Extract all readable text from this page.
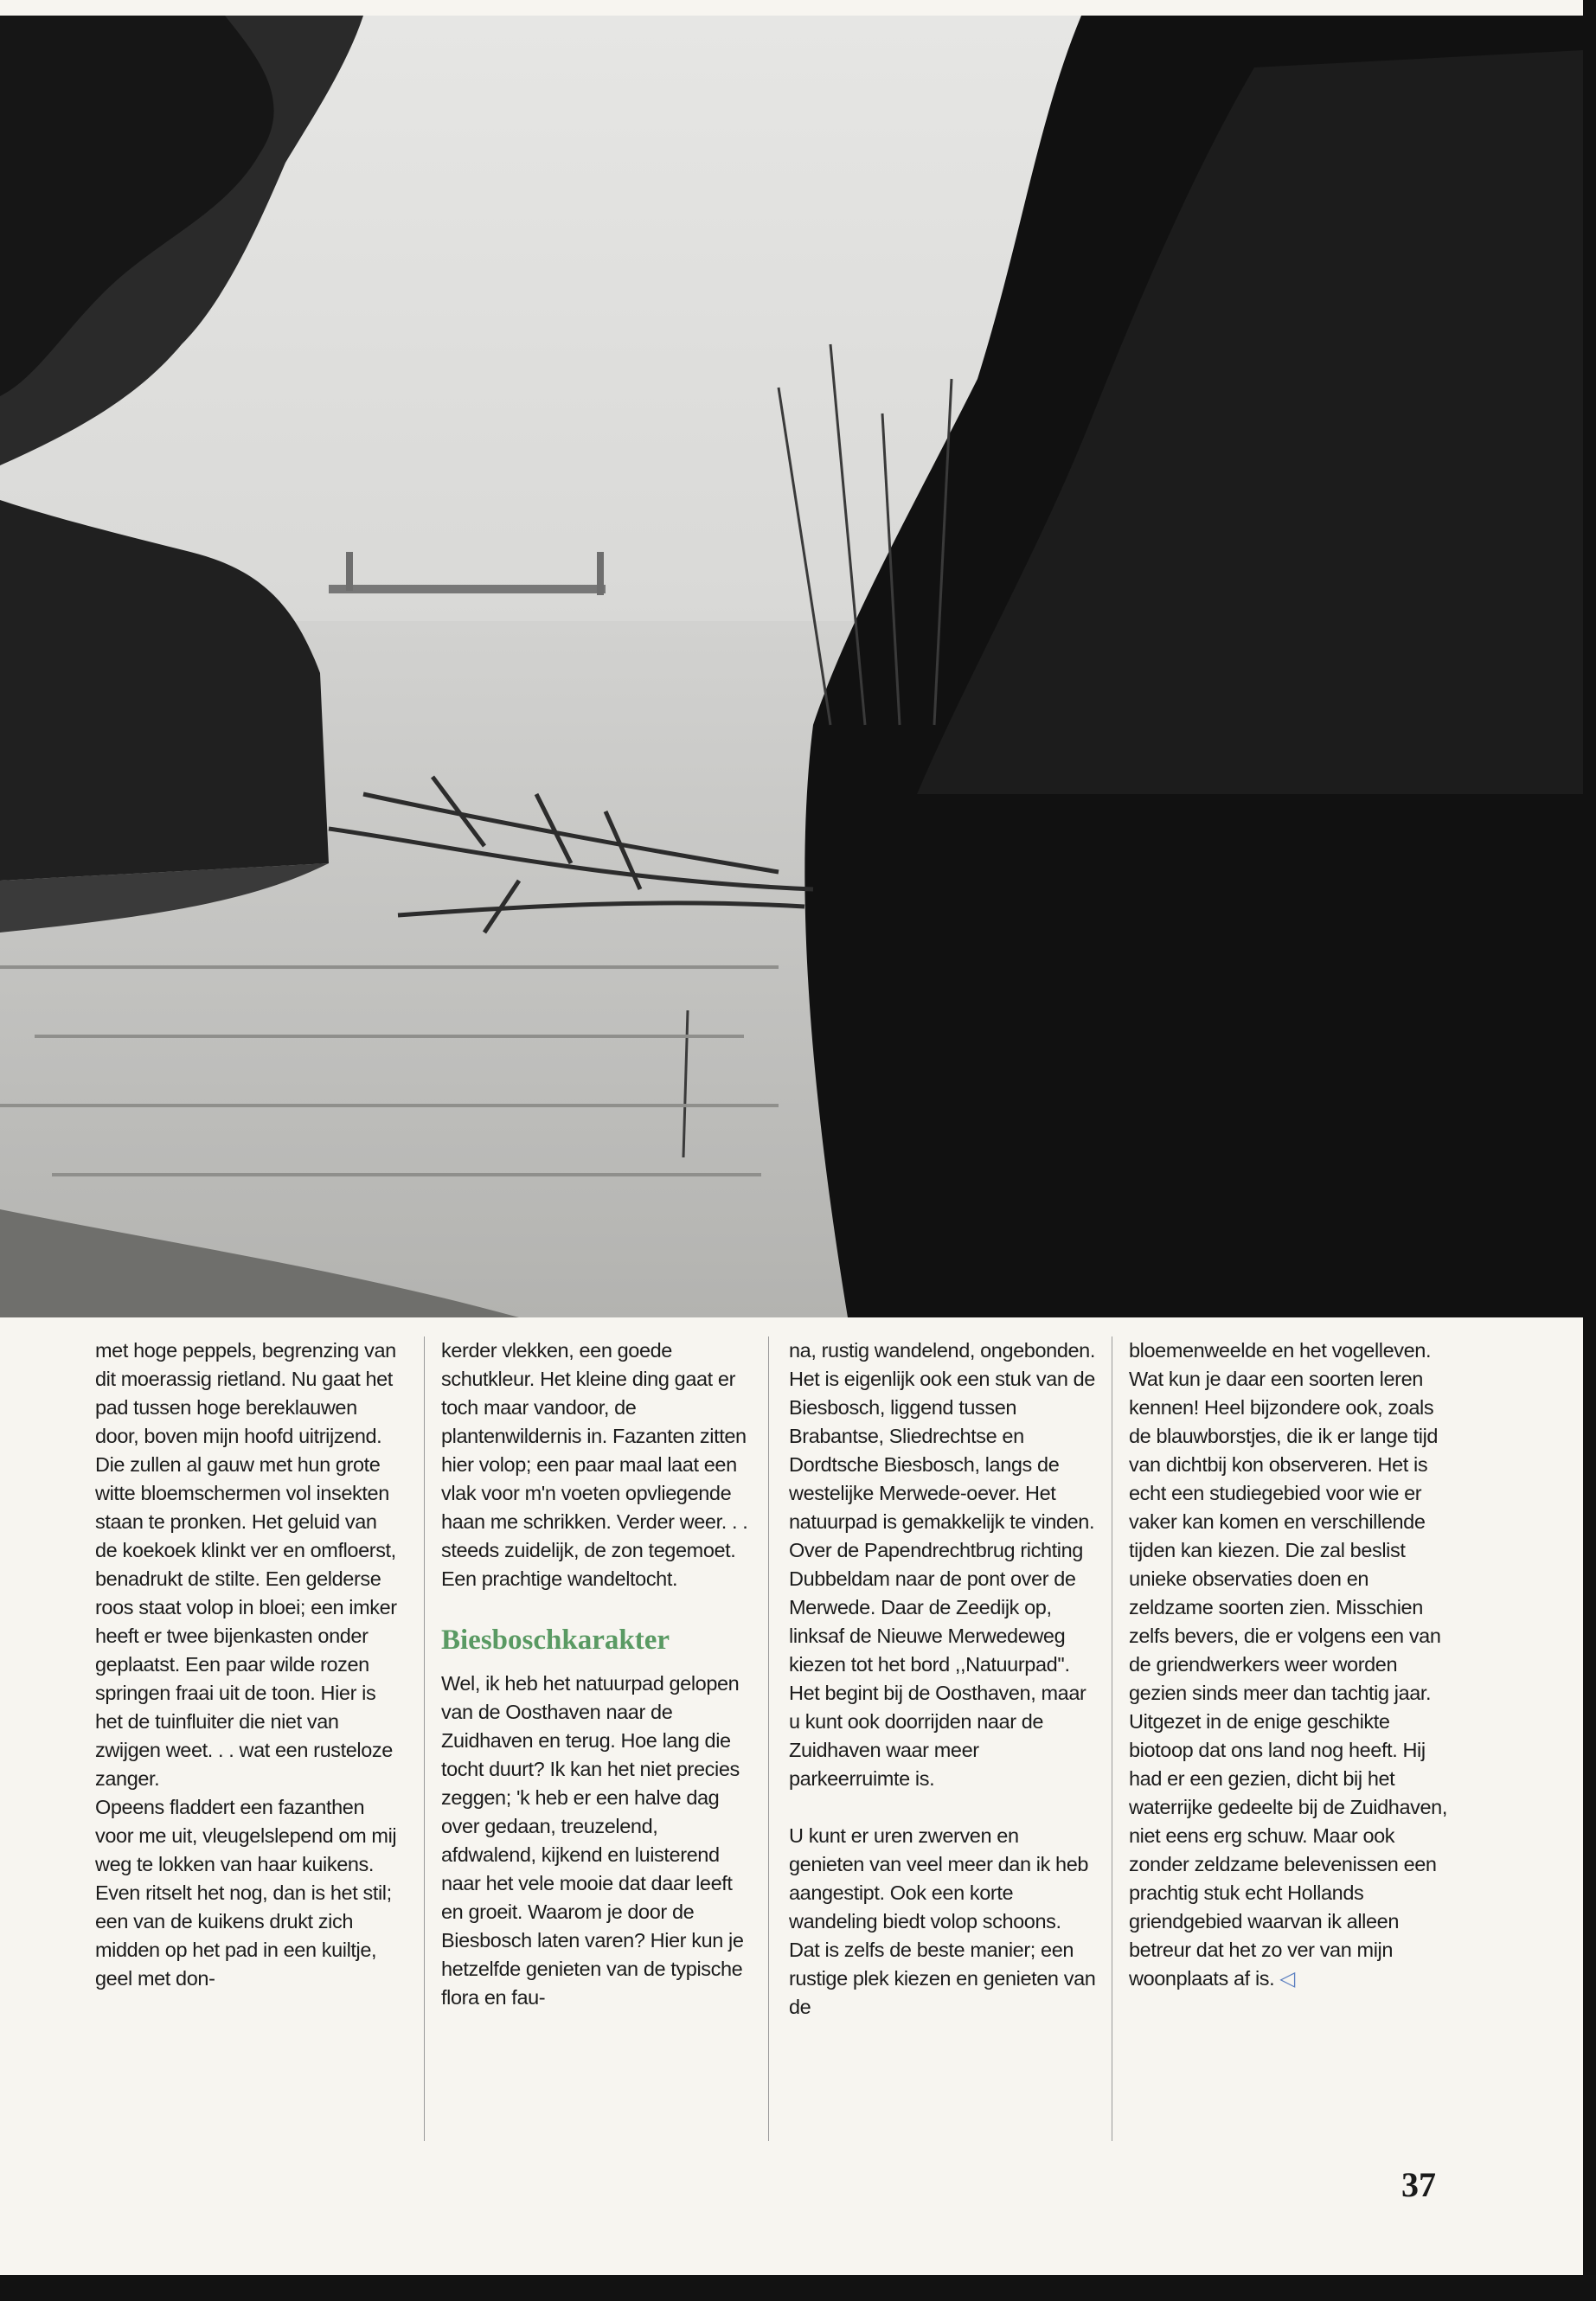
met hoge peppels, begrenzing van dit moerassig rietland. Nu gaat het pad tussen hoge bereklauwen door, boven mijn hoofd uitrijzend. Die zullen al gauw met hun grote witte bloemschermen vol insekten staan te pronken. Het geluid van de koekoek klinkt ver en omfloerst, benadrukt de stilte. Een gelderse roos staat volop in bloei; een imker heeft er twee bijenkasten onder geplaatst. Een paar wilde rozen springen fraai uit de toon. Hier is het de tuinfluiter die niet van zwijgen weet. . . wat een rusteloze zanger.
Opeens fladdert een fazanthen voor me uit, vleugelslepend om mij weg te lokken van haar kuikens. Even ritselt het nog, dan is het stil; een van de kuikens drukt zich midden op het pad in een kuiltje, geel met don-

kerder vlekken, een goede schutkleur. Het kleine ding gaat er toch maar vandoor, de plantenwildernis in. Fazanten zitten hier volop; een paar maal laat een vlak voor m'n voeten opvliegende haan me schrikken. Verder weer. . . steeds zuidelijk, de zon tegemoet. Een prachtige wandeltocht.

Biesboschkarakter

Wel, ik heb het natuurpad gelopen van de Oosthaven naar de Zuidhaven en terug. Hoe lang die tocht duurt? Ik kan het niet precies zeggen; 'k heb er een halve dag over gedaan, treuzelend, afdwalend, kijkend en luisterend naar het vele mooie dat daar leeft en groeit. Waarom je door de Biesbosch laten varen? Hier kun je hetzelfde genieten van de typische flora en fau-

na, rustig wandelend, ongebonden.
Het is eigenlijk ook een stuk van de Biesbosch, liggend tussen Brabantse, Sliedrechtse en Dordtsche Biesbosch, langs de westelijke Merwede-oever. Het natuurpad is gemakkelijk te vinden. Over de Papendrechtbrug richting Dubbeldam naar de pont over de Merwede. Daar de Zeedijk op, linksaf de Nieuwe Merwedeweg kiezen tot het bord ,,Natuurpad''. Het begint bij de Oosthaven, maar u kunt ook doorrijden naar de Zuidhaven waar meer parkeerruimte is.

U kunt er uren zwerven en genieten van veel meer dan ik heb aangestipt. Ook een korte wandeling biedt volop schoons. Dat is zelfs de beste manier; een rustige plek kiezen en genieten van de

bloemenweelde en het vogelleven. Wat kun je daar een soorten leren kennen! Heel bijzondere ook, zoals de blauwborstjes, die ik er lange tijd van dichtbij kon observeren. Het is echt een studiegebied voor wie er vaker kan komen en verschillende tijden kan kiezen. Die zal beslist unieke observaties doen en zeldzame soorten zien. Misschien zelfs bevers, die er volgens een van de griendwerkers weer worden gezien sinds meer dan tachtig jaar. Uitgezet in de enige geschikte biotoop dat ons land nog heeft. Hij had er een gezien, dicht bij het waterrijke gedeelte bij de Zuidhaven, niet eens erg schuw. Maar ook zonder zeldzame belevenissen een prachtig stuk echt Hollands griendgebied waarvan ik alleen betreur dat het zo ver van mijn woonplaats af is. ◁

37
